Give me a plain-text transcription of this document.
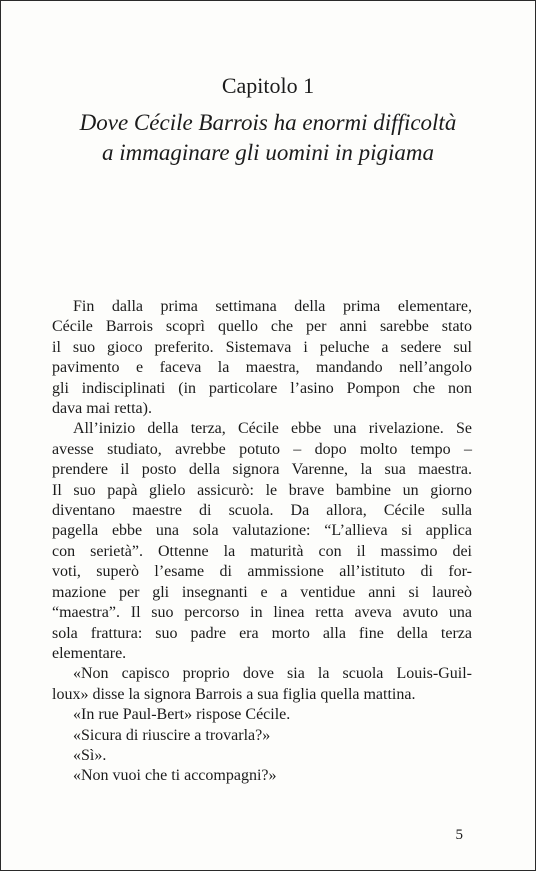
Capitolo 1
Dove Cécile Barrois ha enormi difficoltà
a immaginare gli uomini in pigiama
Fin dalla prima settimana della prima elementare,
Cécile Barrois scoprì quello che per anni sarebbe stato
il suo gioco preferito. Sistemava i peluche a sedere sul
pavimento e faceva la maestra, mandando nell’angolo
gli indisciplinati (in particolare l’asino Pompon che non
dava mai retta).
All’inizio della terza, Cécile ebbe una rivelazione. Se
avesse studiato, avrebbe potuto – dopo molto tempo –
prendere il posto della signora Varenne, la sua maestra.
Il suo papà glielo assicurò: le brave bambine un giorno
diventano maestre di scuola. Da allora, Cécile sulla
pagella ebbe una sola valutazione: “L’allieva si applica
con serietà”. Ottenne la maturità con il massimo dei
voti, superò l’esame di ammissione all’istituto di for-
mazione per gli insegnanti e a ventidue anni si laureò
“maestra”. Il suo percorso in linea retta aveva avuto una
sola frattura: suo padre era morto alla fine della terza
elementare.
«Non capisco proprio dove sia la scuola Louis-Guil-
loux» disse la signora Barrois a sua figlia quella mattina.
«In rue Paul-Bert» rispose Cécile.
«Sicura di riuscire a trovarla?»
«Sì».
«Non vuoi che ti accompagni?»
5
